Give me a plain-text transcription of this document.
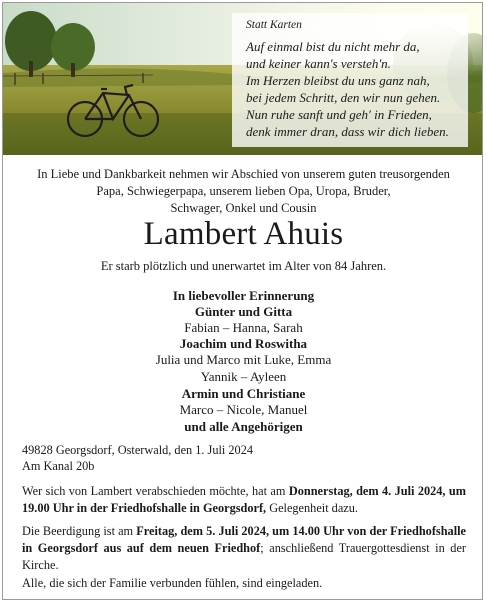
Statt Karten
Auf einmal bist du nicht mehr da,
und keiner kann's versteh'n.
Im Herzen bleibst du uns ganz nah,
bei jedem Schritt, den wir nun gehen.
Nun ruhe sanft und geh' in Frieden,
denk immer dran, dass wir dich lieben.
In Liebe und Dankbarkeit nehmen wir Abschied von unserem guten treusorgenden
Papa, Schwiegerpapa, unserem lieben Opa, Uropa, Bruder,
Schwager, Onkel und Cousin
Lambert Ahuis
Er starb plötzlich und unerwartet im Alter von 84 Jahren.
In liebevoller Erinnerung
Günter und Gitta
Fabian – Hanna, Sarah
Joachim und Roswitha
Julia und Marco mit Luke, Emma
Yannik – Ayleen
Armin und Christiane
Marco – Nicole, Manuel
und alle Angehörigen
49828 Georgsdorf, Osterwald, den 1. Juli 2024
Am Kanal 20b
Wer sich von Lambert verabschieden möchte, hat am Donnerstag, dem 4. Juli 2024, um 19.00 Uhr in der Friedhofshalle in Georgsdorf, Gelegenheit dazu.
Die Beerdigung ist am Freitag, dem 5. Juli 2024, um 14.00 Uhr von der Friedhofshalle in Georgsdorf aus auf dem neuen Friedhof; anschließend Trauergottesdienst in der Kirche.
Alle, die sich der Familie verbunden fühlen, sind eingeladen.
